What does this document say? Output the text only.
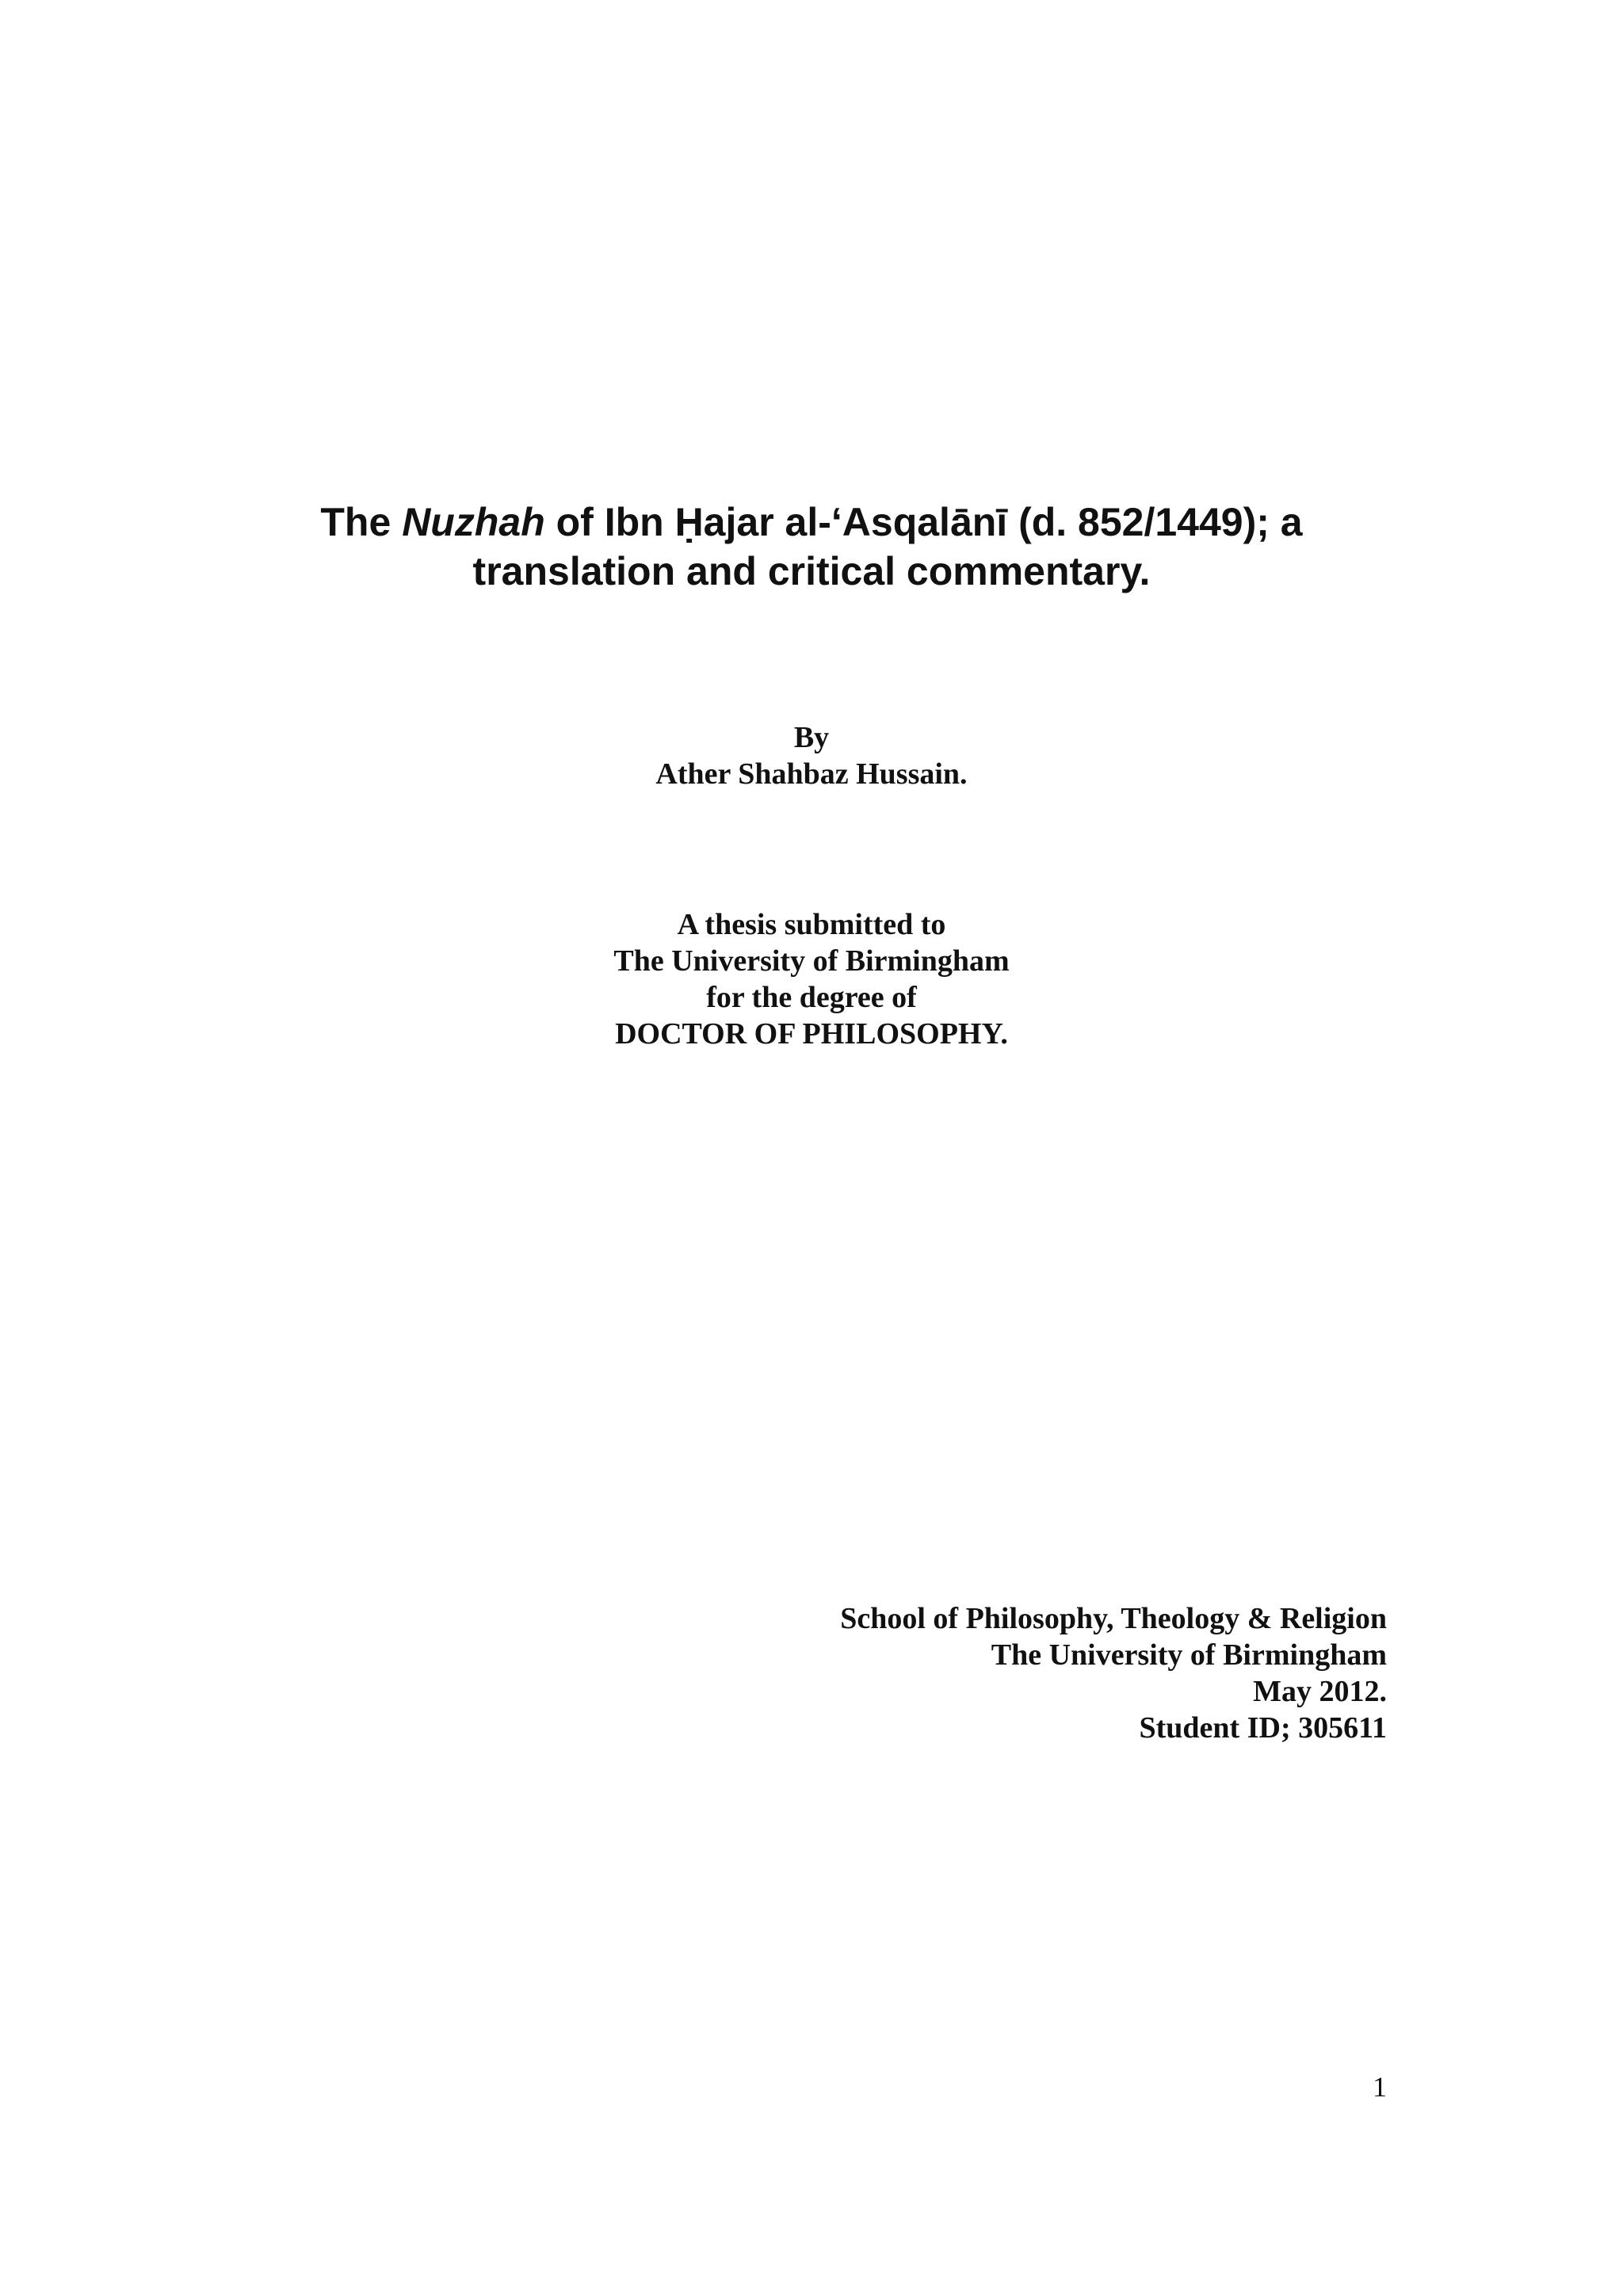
The Nuzhah of Ibn Ḥajar al-‘Asqalānī (d. 852/1449); a
translation and critical commentary.
By
Ather Shahbaz Hussain.
A thesis submitted to
The University of Birmingham
for the degree of
DOCTOR OF PHILOSOPHY.
School of Philosophy, Theology & Religion
The University of Birmingham
May 2012.
Student ID; 305611
1
